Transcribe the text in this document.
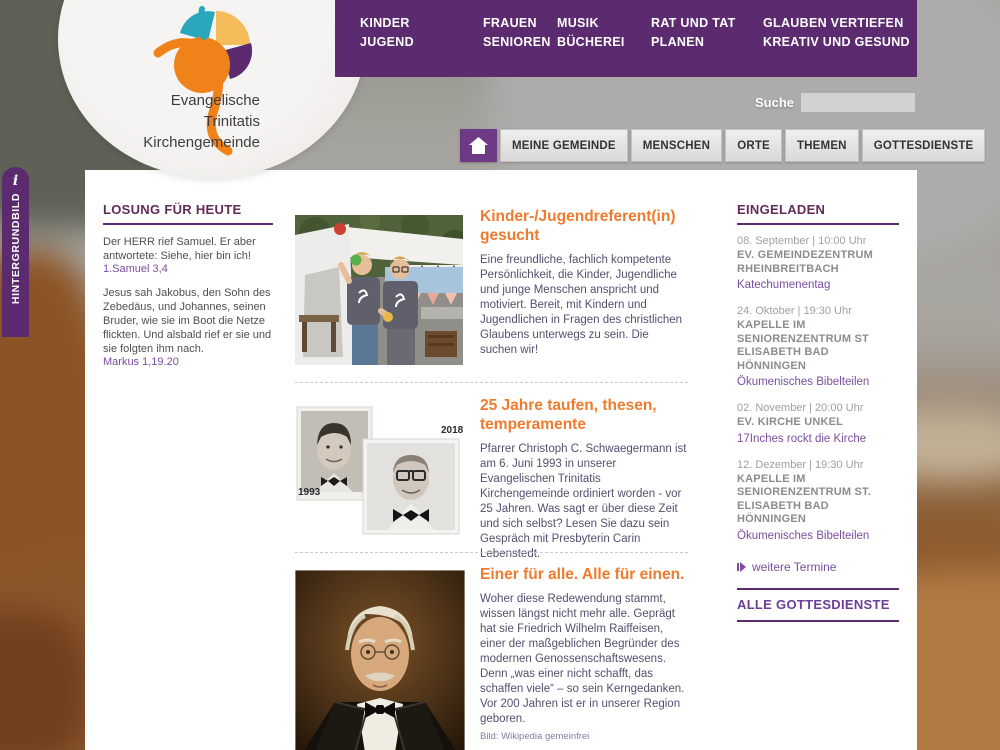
Evangelische
Trinitatis
Kirchengemeinde
KINDER
JUGEND
FRAUEN
SENIOREN
MUSIK
BÜCHEREI
RAT UND TAT
PLANEN
GLAUBEN VERTIEFEN
KREATIV UND GESUND
Suche
MEINE GEMEINDE	MENSCHEN	ORTE	THEMEN	GOTTESDIENSTE
i
HINTERGRUNDBILD	LOSUNG FÜR HEUTE

Der HERR rief Samuel. Er aber antwortete: Siehe, hier bin ich!

1.Samuel 3,4

Jesus sah Jakobus, den Sohn des Zebedäus, und Johannes, seinen Bruder, wie sie im Boot die Netze flickten. Und alsbald rief er sie und sie folgten ihm nach.

Markus 1,19.20
Kinder-/Jugendreferent(in) gesucht
Eine freundliche, fachlich kompetente Persönlichkeit, die Kinder, Jugendliche und junge Menschen anspricht und motiviert. Bereit, mit Kindern und Jugendlichen in Fragen des christlichen Glaubens unterwegs zu sein. Die suchen wir!
1993
2018
25 Jahre taufen, thesen, temperamente
Pfarrer Christoph C. Schwaegermann ist am 6. Juni 1993 in unserer Evangelischen Trinitatis Kirchengemeinde ordiniert worden - vor 25 Jahren. Was sagt er über diese Zeit und sich selbst? Lesen Sie dazu sein Gespräch mit Presbyterin Carin Lebenstedt.
Einer für alle. Alle für einen.
Woher diese Redewendung stammt, wissen längst nicht mehr alle. Geprägt hat sie Friedrich Wilhelm Raiffeisen, einer der maßgeblichen Begründer des modernen Genossenschaftswesens. Denn „was einer nicht schafft, das schaffen viele“ – so sein Kerngedanken. Vor 200 Jahren ist er in unserer Region geboren.
Bild: Wikipedia gemeinfrei
EINGELADEN
08. September | 10:00 Uhr
EV. GEMEINDEZENTRUM RHEINBREITBACH
Katechumenentag
24. Oktober | 19:30 Uhr
KAPELLE IM SENIORENZENTRUM ST ELISABETH BAD HÖNNINGEN
Ökumenisches Bibelteilen
02. November | 20:00 Uhr
EV. KIRCHE UNKEL
17Inches rockt die Kirche
12. Dezember | 19:30 Uhr
KAPELLE IM SENIORENZENTRUM ST. ELISABETH BAD HÖNNINGEN
Ökumenisches Bibelteilen
weitere Termine
ALLE GOTTESDIENSTE
